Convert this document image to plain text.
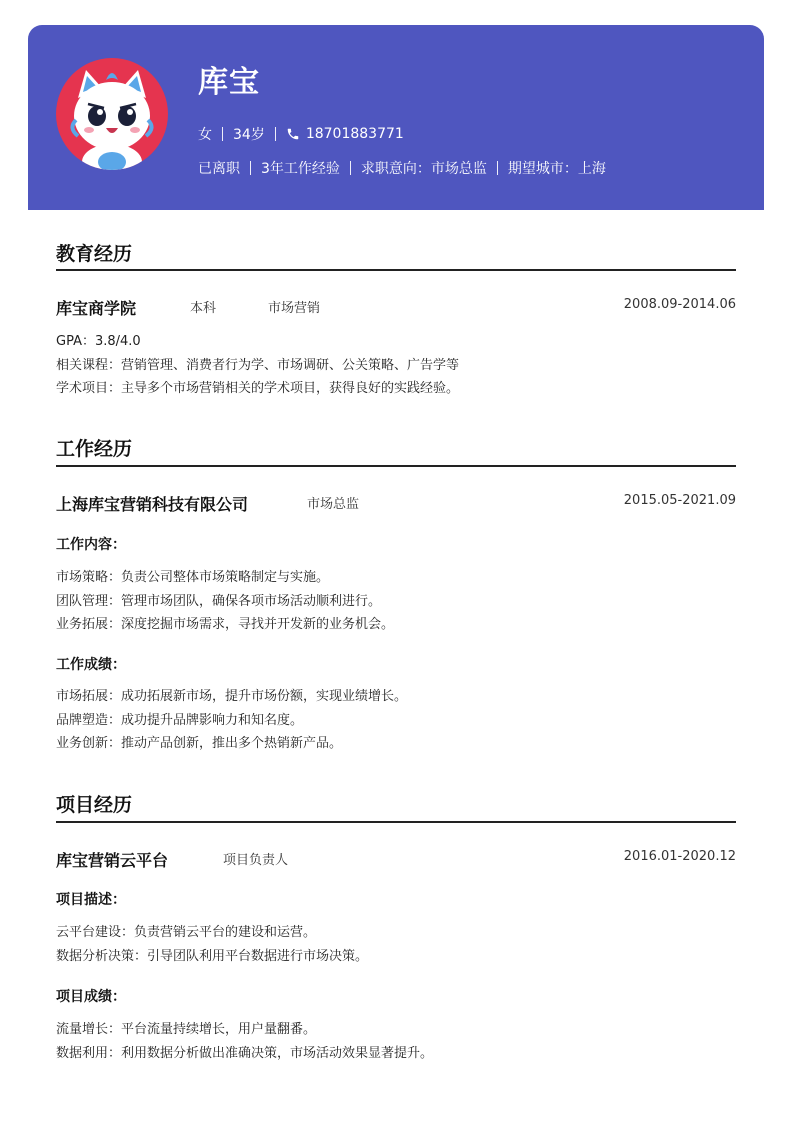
库宝
女 34岁	18701883771
已离职 3年工作经验 求职意向：市场总监 期望城市：上海
教育经历
库宝商学院	本科	市场营销	2008.09-2014.06
GPA：3.8/4.0
相关课程：营销管理、消费者行为学、市场调研、公关策略、广告学等
学术项目：主导多个市场营销相关的学术项目，获得良好的实践经验。
工作经历
上海库宝营销科技有限公司	市场总监	2015.05-2021.09
工作内容：
市场策略：负责公司整体市场策略制定与实施。
团队管理：管理市场团队，确保各项市场活动顺利进行。
业务拓展：深度挖掘市场需求，寻找并开发新的业务机会。
工作成绩：
市场拓展：成功拓展新市场，提升市场份额，实现业绩增长。
品牌塑造：成功提升品牌影响力和知名度。
业务创新：推动产品创新，推出多个热销新产品。
项目经历
库宝营销云平台	项目负责人	2016.01-2020.12
项目描述：
云平台建设：负责营销云平台的建设和运营。
数据分析决策：引导团队利用平台数据进行市场决策。
项目成绩：
流量增长：平台流量持续增长，用户量翻番。
数据利用：利用数据分析做出准确决策，市场活动效果显著提升。
